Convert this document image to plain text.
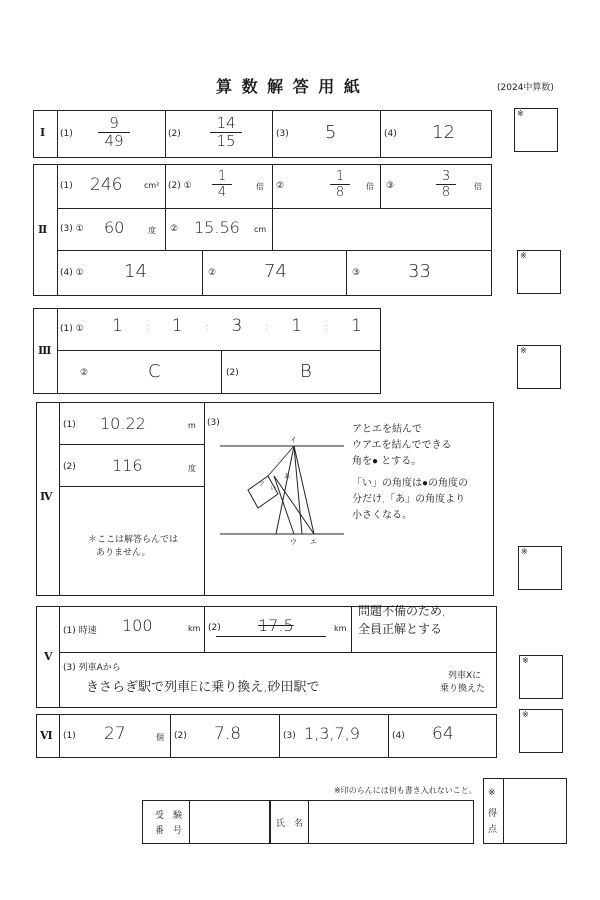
算 数 解 答 用 紙	(2024中算数)
I (1)
9
49	(2)
14
15	(3) 5	(4) 12
※
Ⅱ
(1) 246	cm² (2) ①
1
4	倍 ②
1
8	倍 ③
3
8	倍
(3) ① 60	度 ② 15.56 cm
(4) ① 14	②	74	③	33
※
Ⅲ
(1) ① 1 : 1 : 3 : 1 : 1
②	C	(2)	B
※
Ⅳ
(1) 10.22	m
(2) 116	度
＊ここは解答らんでは
ありません。
(3)
イ
ウ エ
ア
い
あ
アとエを結んで
ウアエを結んでできる
角を● とする。
「い」の角度は●の角度の
分だけ,「あ」の角度より
小さくなる。
※
V
(1) 時速 100	km (2) 17.5	km
問題不備のため,
全員正解とする
(3) 列車Aから
きさらぎ駅で列車Eに乗り換え,砂田駅で
列車Xに
乗り換えた
※
Ⅵ (1) 27	個 (2) 7.8	(3) 1,3,7,9	(4) 64
※
※印のらんには何も書き入れないこと。
受　験
番　号
氏　名
※
得
点
